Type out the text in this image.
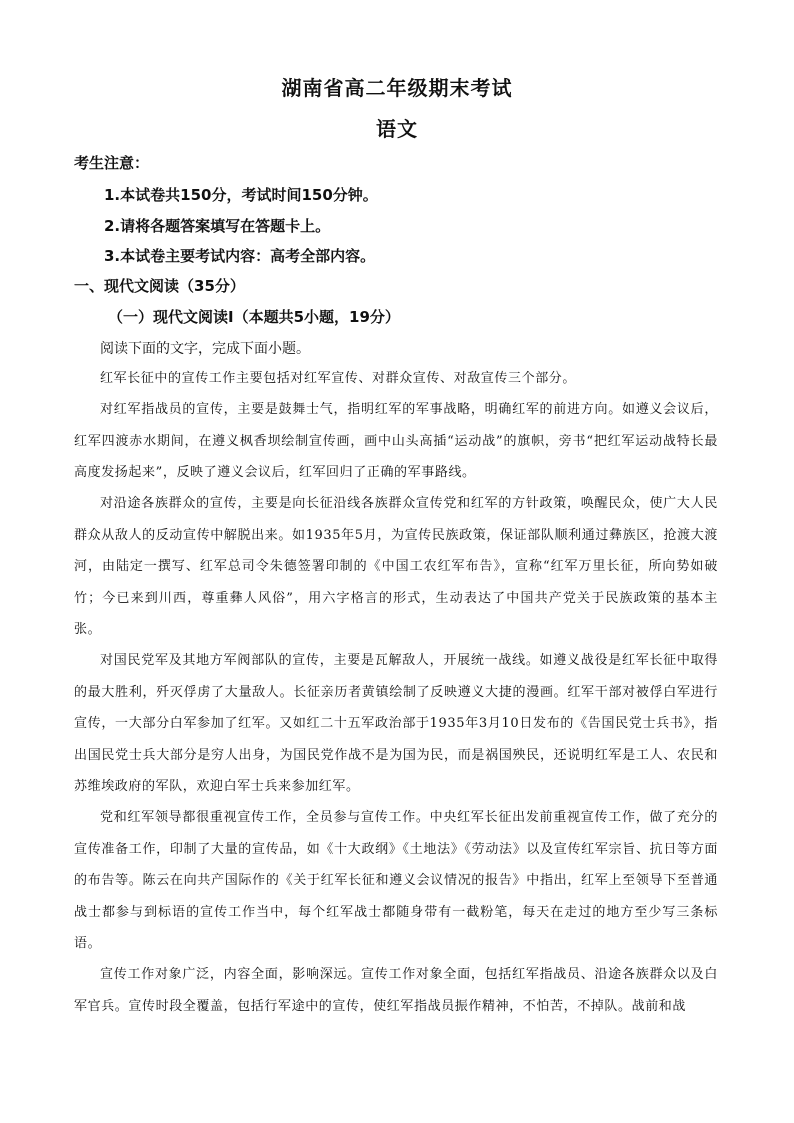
湖南省高二年级期末考试
语文
考生注意：
1.本试卷共150分，考试时间150分钟。
2.请将各题答案填写在答题卡上。
3.本试卷主要考试内容：高考全部内容。
一、现代文阅读（35分）
（一）现代文阅读Ⅰ（本题共5小题，19分）
阅读下面的文字，完成下面小题。
红军长征中的宣传工作主要包括对红军宣传、对群众宣传、对敌宣传三个部分。
对红军指战员的宣传，主要是鼓舞士气，指明红军的军事战略，明确红军的前进方向。如遵义会议后，红军四渡赤水期间，在遵义枫香坝绘制宣传画，画中山头高插“运动战”的旗帜，旁书“把红军运动战特长最高度发扬起来”，反映了遵义会议后，红军回归了正确的军事路线。
对沿途各族群众的宣传，主要是向长征沿线各族群众宣传党和红军的方针政策，唤醒民众，使广大人民群众从敌人的反动宣传中解脱出来。如1935年5月，为宣传民族政策，保证部队顺利通过彝族区，抢渡大渡河，由陆定一撰写、红军总司令朱德签署印制的《中国工农红军布告》，宣称“红军万里长征，所向势如破竹；今已来到川西，尊重彝人风俗”，用六字格言的形式，生动表达了中国共产党关于民族政策的基本主张。
对国民党军及其地方军阀部队的宣传，主要是瓦解敌人，开展统一战线。如遵义战役是红军长征中取得的最大胜利，歼灭俘虏了大量敌人。长征亲历者黄镇绘制了反映遵义大捷的漫画。红军干部对被俘白军进行宣传，一大部分白军参加了红军。又如红二十五军政治部于1935年3月10日发布的《告国民党士兵书》，指出国民党士兵大部分是穷人出身，为国民党作战不是为国为民，而是祸国殃民，还说明红军是工人、农民和苏维埃政府的军队，欢迎白军士兵来参加红军。
党和红军领导都很重视宣传工作，全员参与宣传工作。中央红军长征出发前重视宣传工作，做了充分的宣传准备工作，印制了大量的宣传品，如《十大政纲》《土地法》《劳动法》以及宣传红军宗旨、抗日等方面的布告等。陈云在向共产国际作的《关于红军长征和遵义会议情况的报告》中指出，红军上至领导下至普通战士都参与到标语的宣传工作当中，每个红军战士都随身带有一截粉笔，每天在走过的地方至少写三条标语。
宣传工作对象广泛，内容全面，影响深远。宣传工作对象全面，包括红军指战员、沿途各族群众以及白军官兵。宣传时段全覆盖，包括行军途中的宣传，使红军指战员振作精神，不怕苦，不掉队。战前和战
